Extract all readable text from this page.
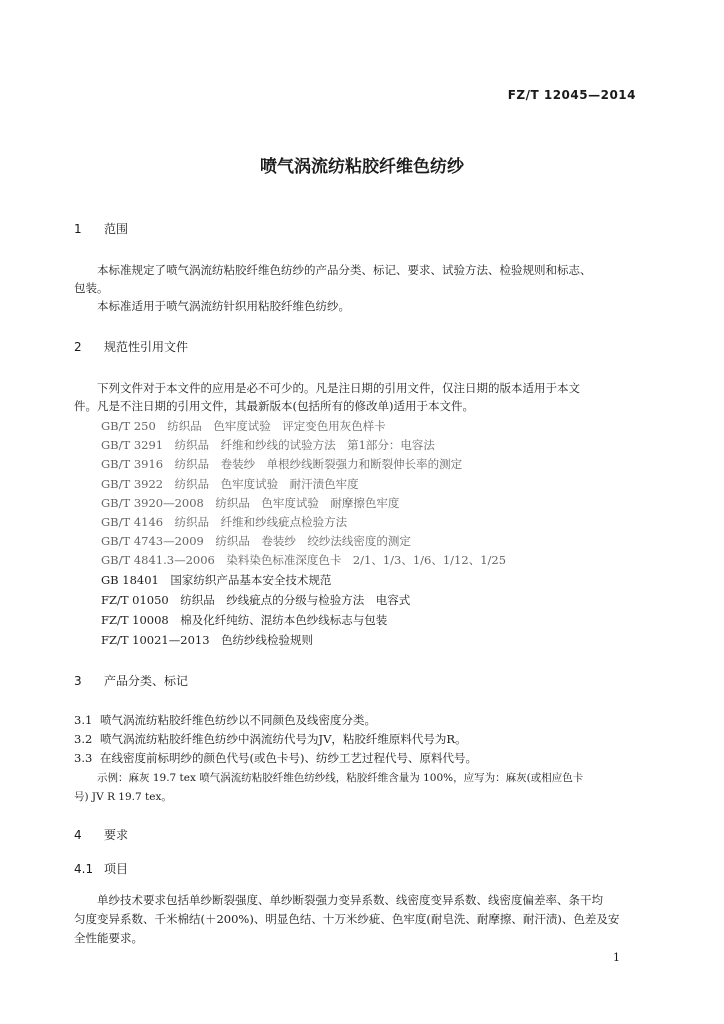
FZ/T 12045—2014
喷气涡流纺粘胶纤维色纺纱
1 范围
本标准规定了喷气涡流纺粘胶纤维色纺纱的产品分类、标记、要求、试验方法、检验规则和标志、
包装。
本标准适用于喷气涡流纺针织用粘胶纤维色纺纱。
2 规范性引用文件
下列文件对于本文件的应用是必不可少的。凡是注日期的引用文件，仅注日期的版本适用于本文
件。凡是不注日期的引用文件，其最新版本(包括所有的修改单)适用于本文件。
GB/T 250　纺织品　色牢度试验　评定变色用灰色样卡
GB/T 3291　纺织品　纤维和纱线的试验方法　第1部分：电容法
GB/T 3916　纺织品　卷装纱　单根纱线断裂强力和断裂伸长率的测定
GB/T 3922　纺织品　色牢度试验　耐汗渍色牢度
GB/T 3920—2008　纺织品　色牢度试验　耐摩擦色牢度
GB/T 4146　纺织品　纤维和纱线疵点检验方法
GB/T 4743—2009　纺织品　卷装纱　绞纱法线密度的测定
GB/T 4841.3—2006　染料染色标准深度色卡　2/1、1/3、1/6、1/12、1/25
GB 18401　国家纺织产品基本安全技术规范
FZ/T 01050　纺织品　纱线疵点的分级与检验方法　电容式
FZ/T 10008　棉及化纤纯纺、混纺本色纱线标志与包装
FZ/T 10021—2013　色纺纱线检验规则
3 产品分类、标记
3.1 喷气涡流纺粘胶纤维色纺纱以不同颜色及线密度分类。
3.2 喷气涡流纺粘胶纤维色纺纱中涡流纺代号为JV，粘胶纤维原料代号为R。
3.3 在线密度前标明纱的颜色代号(或色卡号)、纺纱工艺过程代号、原料代号。
示例：麻灰 19.7 tex 喷气涡流纺粘胶纤维色纺纱线，粘胶纤维含量为 100%，应写为：麻灰(或相应色卡
号) JV R 19.7 tex。
4 要求
4.1 项目
单纱技术要求包括单纱断裂强度、单纱断裂强力变异系数、线密度变异系数、线密度偏差率、条干均
匀度变异系数、千米棉结(＋200%)、明显色结、十万米纱疵、色牢度(耐皂洗、耐摩擦、耐汗渍)、色差及安
全性能要求。
1
